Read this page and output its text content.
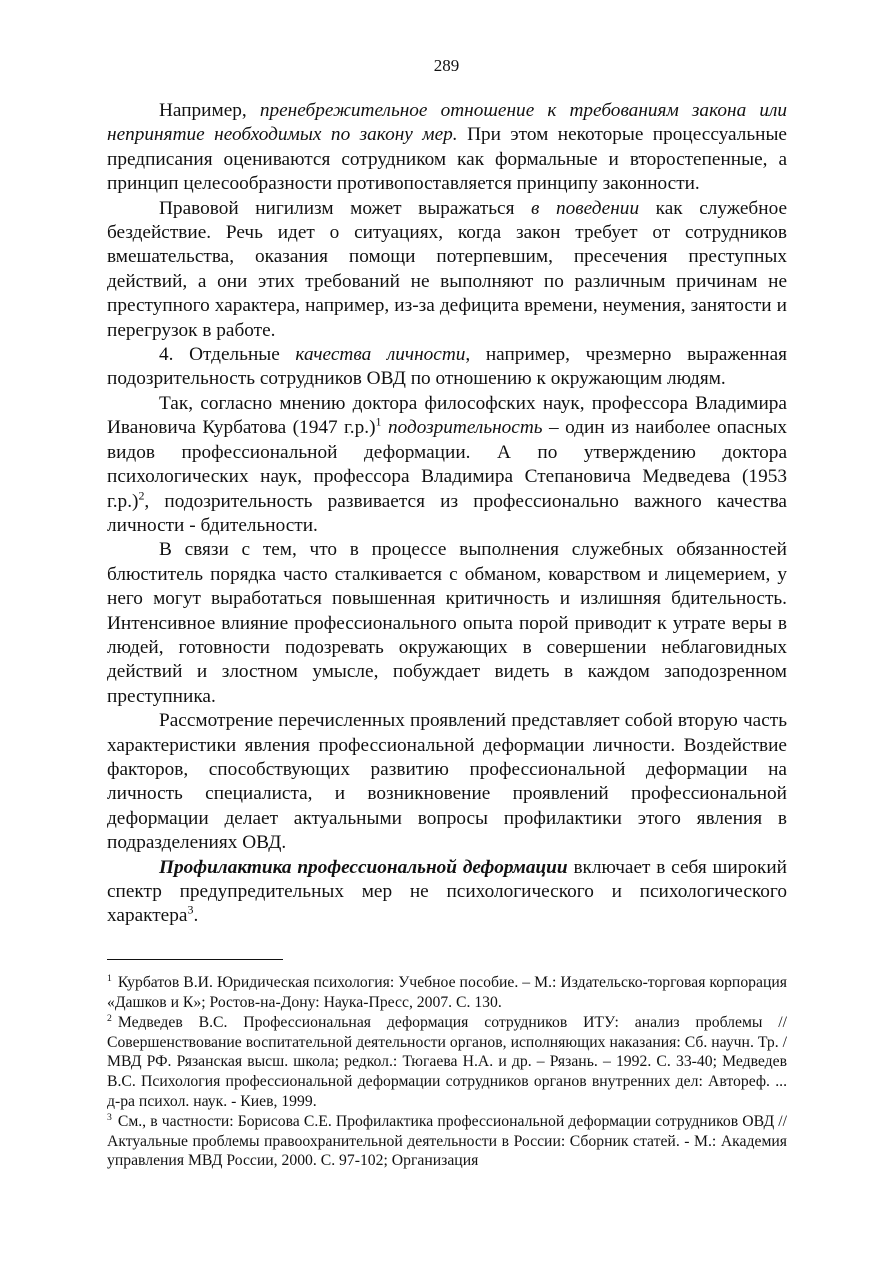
289

Например, пренебрежительное отношение к требованиям закона или непринятие необходимых по закону мер. При этом некоторые процессуальные предписания оцениваются сотрудником как формальные и второстепенные, а принцип целесообразности противопоставляется принципу законности.

Правовой нигилизм может выражаться в поведении как служебное бездействие. Речь идет о ситуациях, когда закон требует от сотрудников вмешательства, оказания помощи потерпевшим, пресечения преступных действий, а они этих требований не выполняют по различным причинам не преступного характера, например, из-за дефицита времени, неумения, занятости и перегрузок в работе.

4. Отдельные качества личности, например, чрезмерно выраженная подозрительность сотрудников ОВД по отношению к окружающим людям.

Так, согласно мнению доктора философских наук, профессора Владимира Ивановича Курбатова (1947 г.р.)$^1$ подозрительность – один из наиболее опасных видов профессиональной деформации. А по утверждению доктора психологических наук, профессора Владимира Степановича Медведева (1953 г.р.)$^2$, подозрительность развивается из профессионально важного качества личности - бдительности.

В связи с тем, что в процессе выполнения служебных обязанностей блюститель порядка часто сталкивается с обманом, коварством и лицемерием, у него могут выработаться повышенная критичность и излишняя бдительность. Интенсивное влияние профессионального опыта порой приводит к утрате веры в людей, готовности подозревать окружающих в совершении неблаговидных действий и злостном умысле, побуждает видеть в каждом заподозренном преступника.

Рассмотрение перечисленных проявлений представляет собой вторую часть характеристики явления профессиональной деформации личности. Воздействие факторов, способствующих развитию профессиональной деформации на личность специалиста, и возникновение проявлений профессиональной деформации делает актуальными вопросы профилактики этого явления в подразделениях ОВД.

Профилактика профессиональной деформации включает в себя широкий спектр предупредительных мер не психологического и психологического характера$^3$.

$^1$ Курбатов В.И. Юридическая психология: Учебное пособие. – М.: Издательско-торговая корпорация «Дашков и К»; Ростов-на-Дону: Наука-Пресс, 2007. С. 130.

$^2$ Медведев В.С. Профессиональная деформация сотрудников ИТУ: анализ проблемы // Совершенствование воспитательной деятельности органов, исполняющих наказания: Сб. научн. Тр. / МВД РФ. Рязанская высш. школа; редкол.: Тюгаева Н.А. и др. – Рязань. – 1992. С. 33-40; Медведев В.С. Психология профессиональной деформации сотрудников органов внутренних дел: Автореф. ... д-ра психол. наук. - Киев, 1999.

$^3$ См., в частности: Борисова С.Е. Профилактика профессиональной деформации сотрудников ОВД // Актуальные проблемы правоохранительной деятельности в России: Сборник статей. - М.: Академия управления МВД России, 2000. С. 97-102; Организация
